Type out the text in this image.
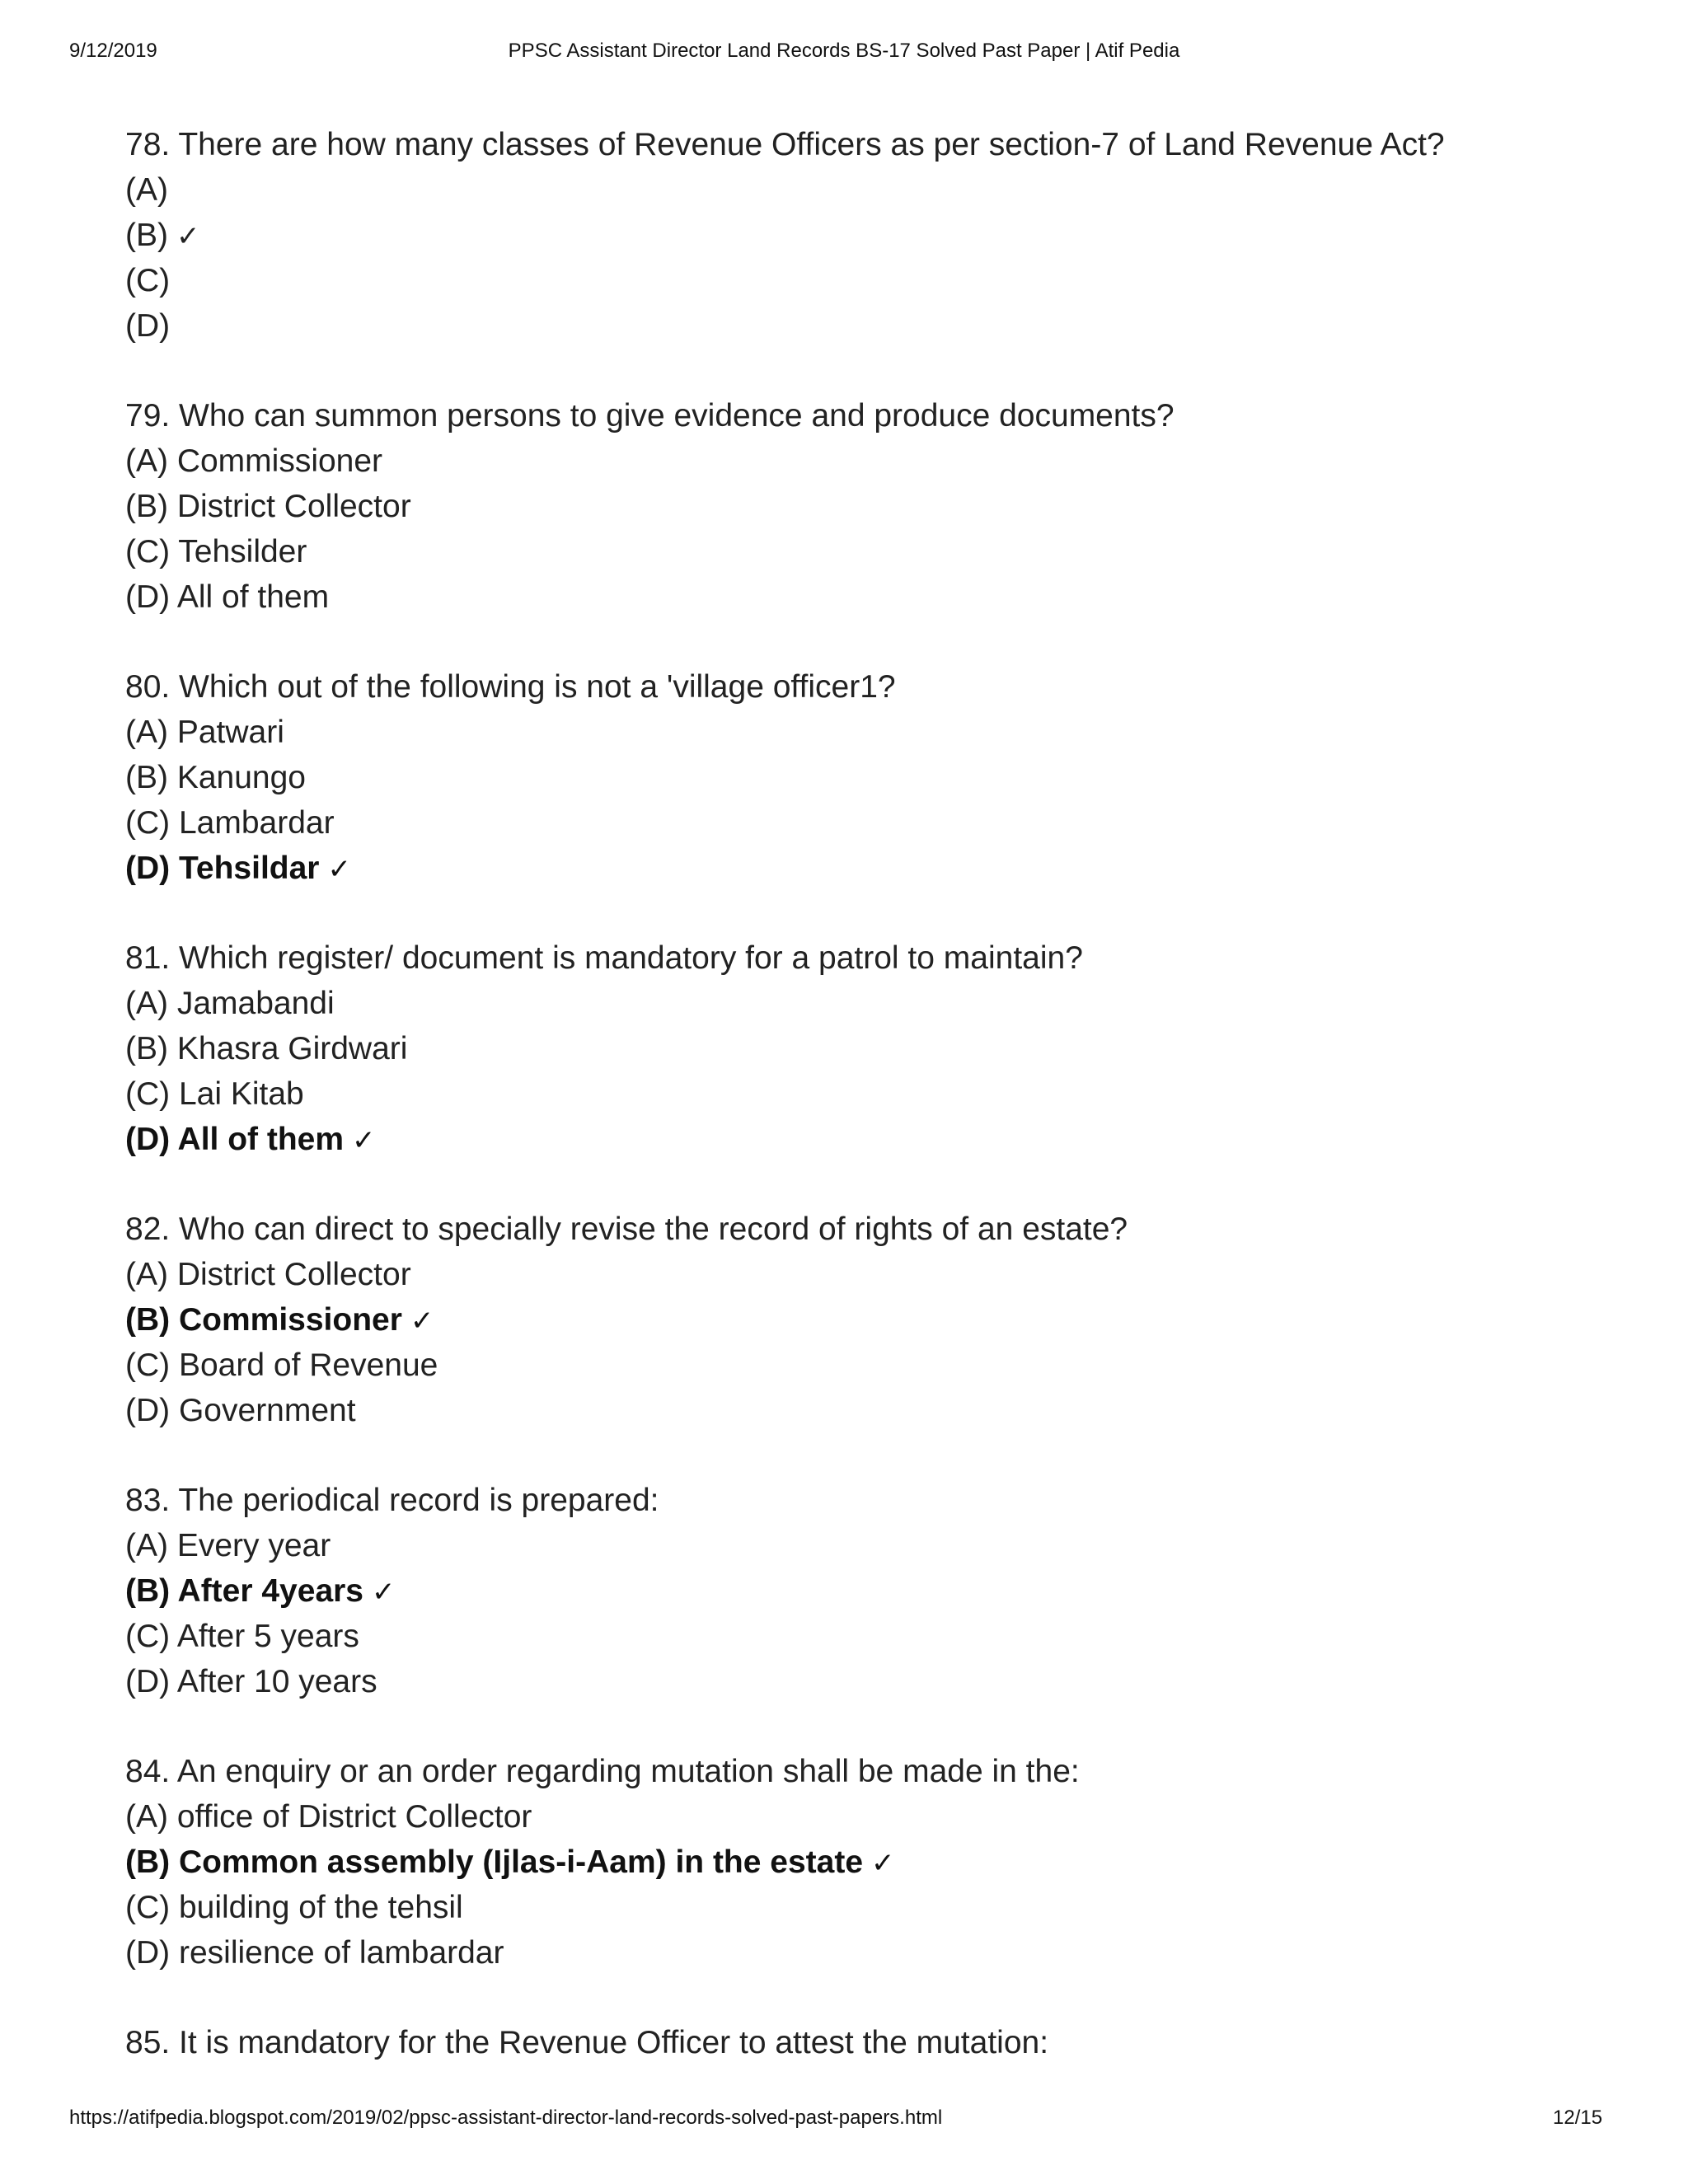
9/12/2019	PPSC Assistant Director Land Records BS-17 Solved Past Paper | Atif Pedia
78. There are how many classes of Revenue Officers as per section-7 of Land Revenue Act?
(A)
(B) ✓
(C)
(D)
79. Who can summon persons to give evidence and produce documents?
(A) Commissioner
(B) District Collector
(C) Tehsilder
(D) All of them
80. Which out of the following is not a 'village officer1?
(A) Patwari
(B) Kanungo
(C) Lambardar
(D) Tehsildar ✓
81. Which register/ document is mandatory for a patrol to maintain?
(A) Jamabandi
(B) Khasra Girdwari
(C) Lai Kitab
(D) All of them ✓
82. Who can direct to specially revise the record of rights of an estate?
(A) District Collector
(B) Commissioner ✓
(C) Board of Revenue
(D) Government
83. The periodical record is prepared:
(A) Every year
(B) After 4years ✓
(C) After 5 years
(D) After 10 years
84. An enquiry or an order regarding mutation shall be made in the:
(A) office of District Collector
(B) Common assembly (Ijlas-i-Aam) in the estate ✓
(C) building of the tehsil
(D) resilience of lambardar
85. It is mandatory for the Revenue Officer to attest the mutation:
https://atifpedia.blogspot.com/2019/02/ppsc-assistant-director-land-records-solved-past-papers.html	12/15
